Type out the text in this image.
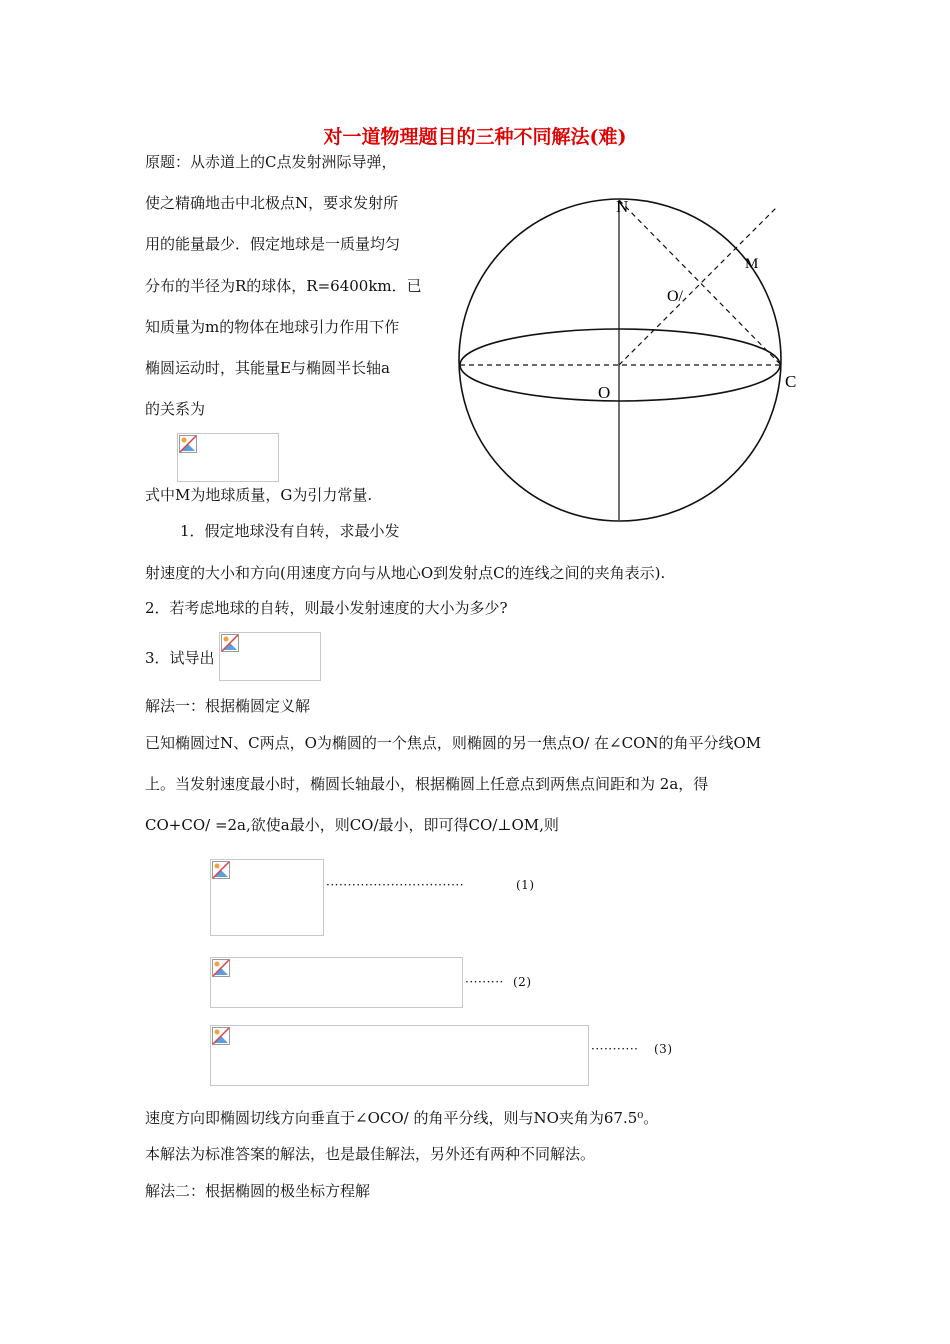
对一道物理题目的三种不同解法(难)
原题：从赤道上的C点发射洲际导弹，
使之精确地击中北极点N，要求发射所
用的能量最少．假定地球是一质量均匀
分布的半径为R的球体，R=6400km．已
知质量为m的物体在地球引力作用下作
椭圆运动时，其能量E与椭圆半长轴a
的关系为
式中M为地球质量，G为引力常量.
1．假定地球没有自转，求最小发
射速度的大小和方向(用速度方向与从地心O到发射点C的连线之间的夹角表示).
2．若考虑地球的自转，则最小发射速度的大小为多少?
3．试导出
N
M
O/
O
C
解法一：根据椭圆定义解
已知椭圆过N、C两点，O为椭圆的一个焦点，则椭圆的另一焦点O/ 在∠CON的角平分线OM
上。当发射速度最小时，椭圆长轴最小，根据椭圆上任意点到两焦点间距和为 2a，得
CO+CO/ =2a,欲使a最小，则CO/最小，即可得CO/⊥OM,则
································	(1)
········· (2)
··········· (3)
速度方向即椭圆切线方向垂直于∠OCO/ 的角平分线，则与NO夹角为67.5⁰。
本解法为标准答案的解法，也是最佳解法，另外还有两种不同解法。
解法二：根据椭圆的极坐标方程解
